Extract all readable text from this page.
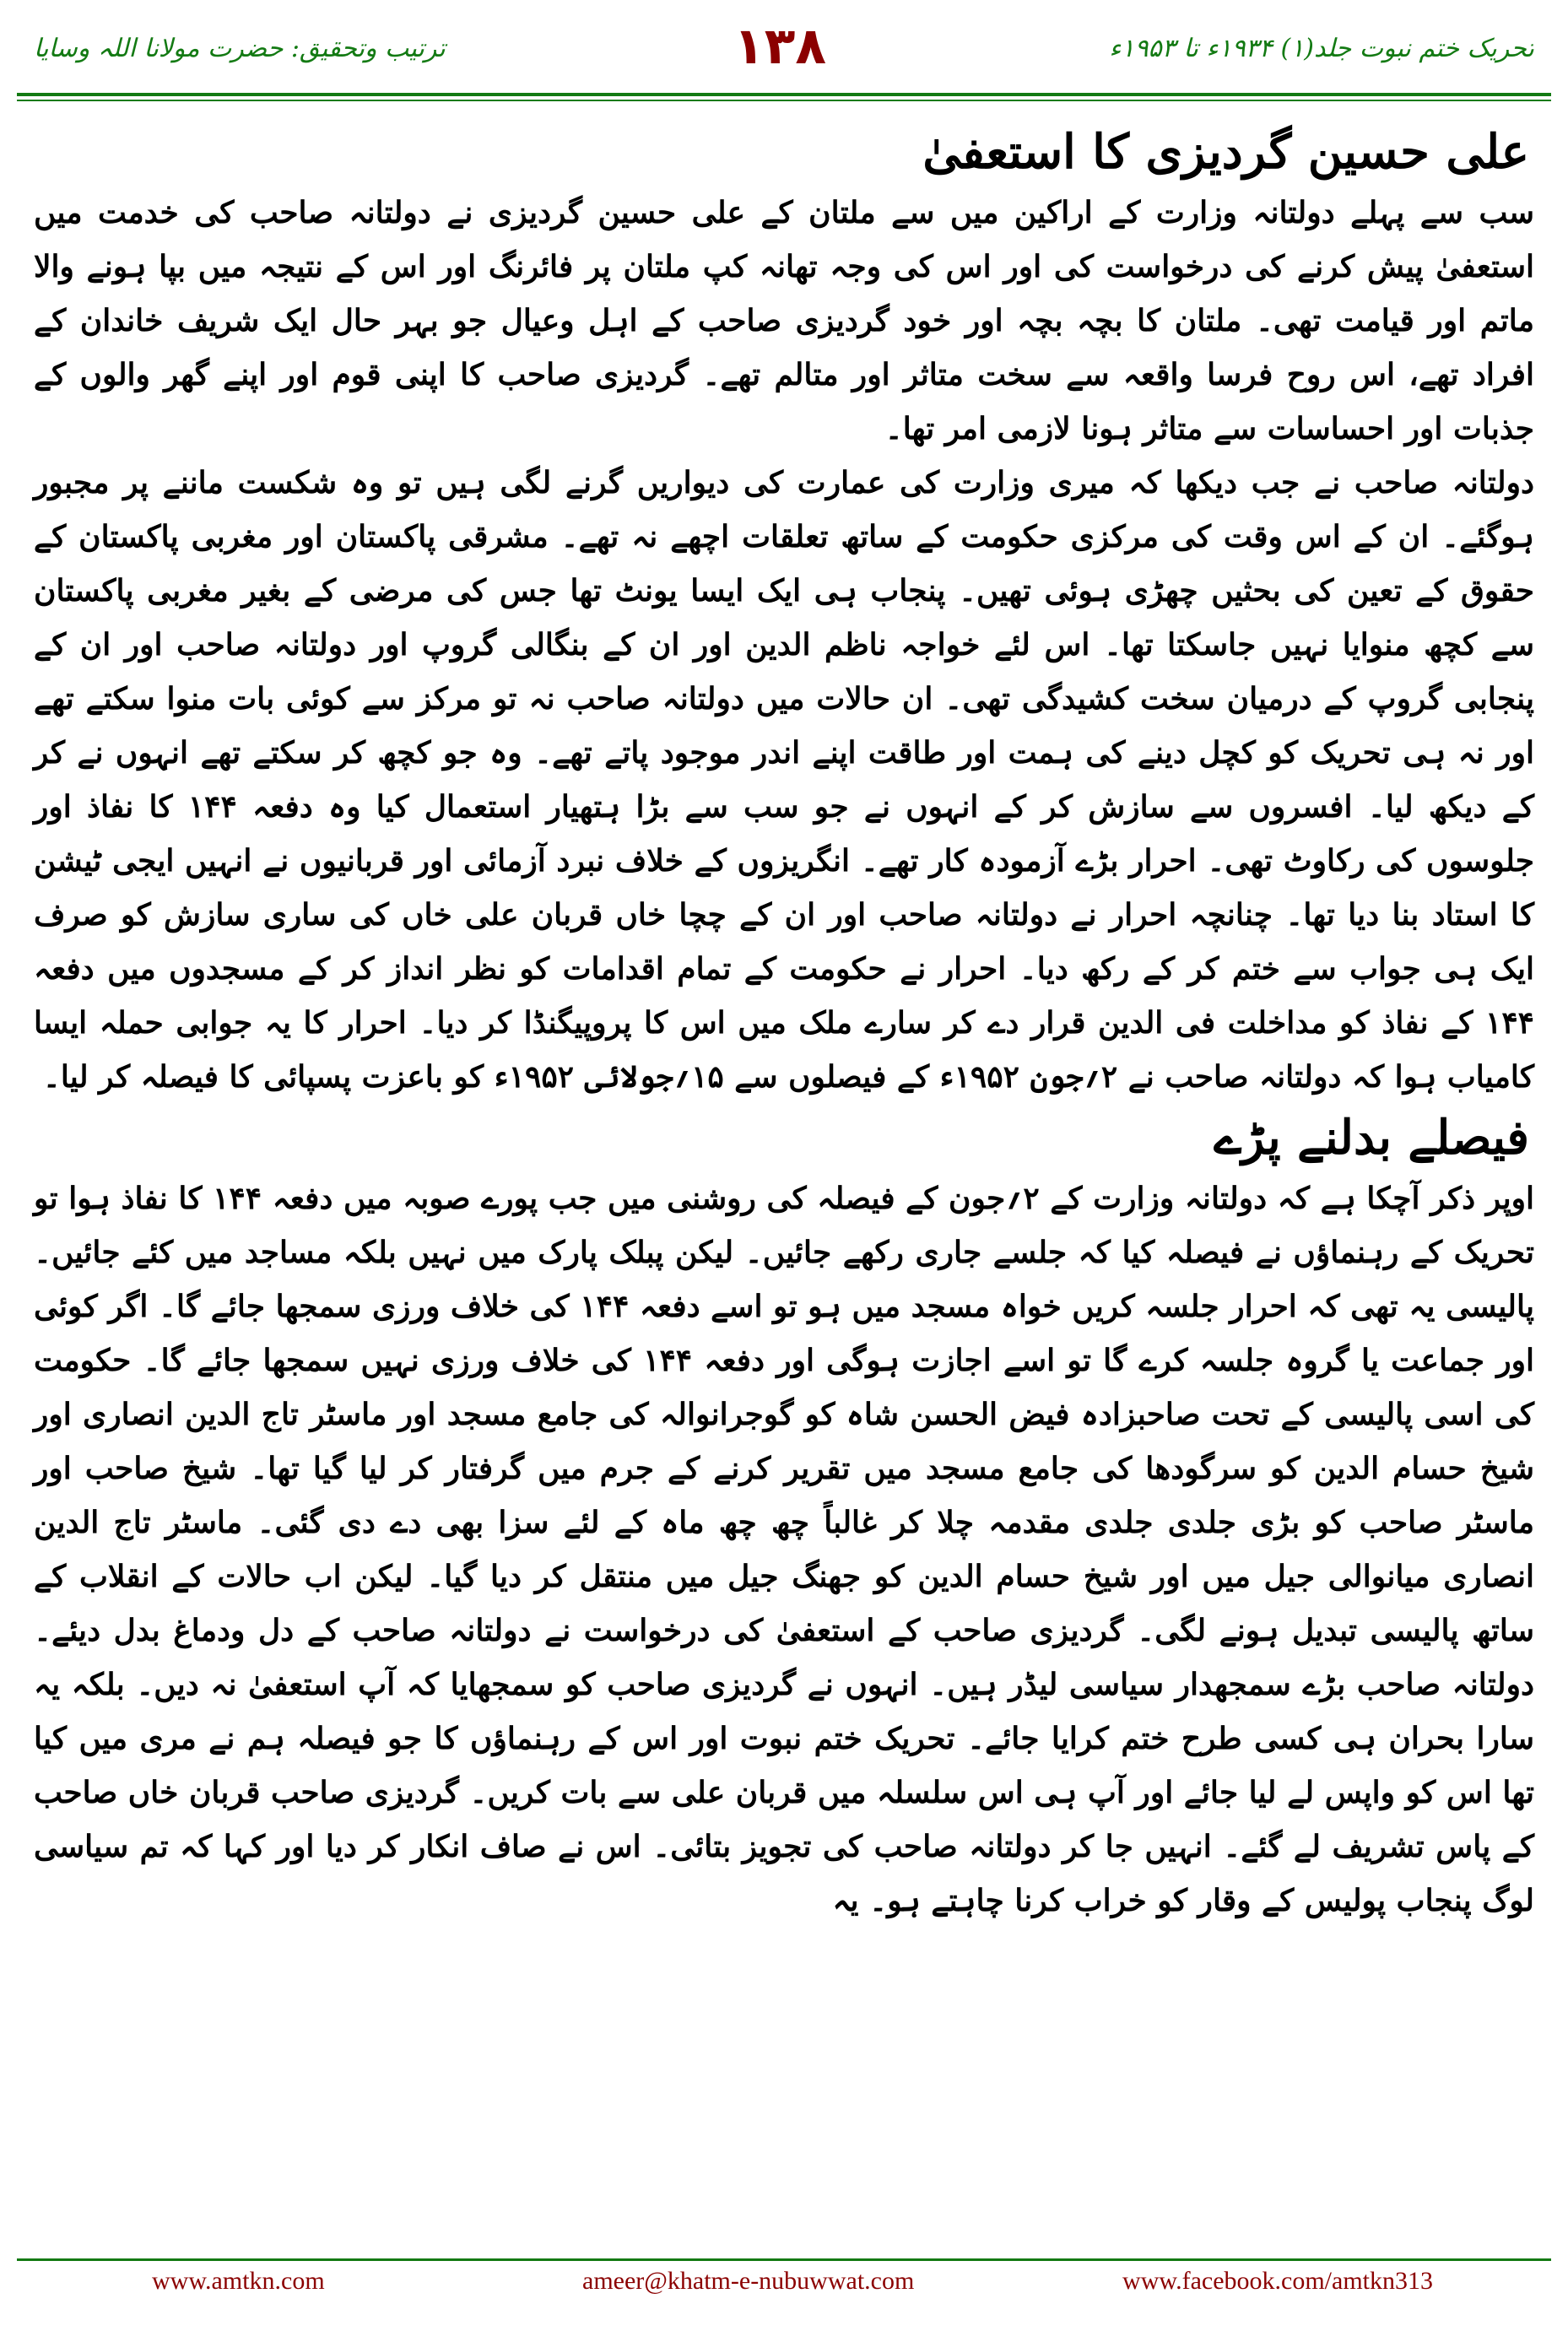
ترتیب وتحقیق: حضرت مولانا اللہ وسایا	۱۳۸	تحریک ختم نبوت جلد(۱) ۱۹۳۴ء تا ۱۹۵۳ء
علی حسین گردیزی کا استعفیٰ

سب سے پہلے دولتانہ وزارت کے اراکین میں سے ملتان کے علی حسین گردیزی نے دولتانہ صاحب کی خدمت میں استعفیٰ پیش کرنے کی درخواست کی اور اس کی وجہ تھانہ کپ ملتان پر فائرنگ اور اس کے نتیجہ میں بپا ہونے والا ماتم اور قیامت تھی۔ ملتان کا بچہ بچہ اور خود گردیزی صاحب کے اہل وعیال جو بہر حال ایک شریف خاندان کے افراد تھے، اس روح فرسا واقعہ سے سخت متاثر اور متالم تھے۔ گردیزی صاحب کا اپنی قوم اور اپنے گھر والوں کے جذبات اور احساسات سے متاثر ہونا لازمی امر تھا۔

دولتانہ صاحب نے جب دیکھا کہ میری وزارت کی عمارت کی دیواریں گرنے لگی ہیں تو وہ شکست ماننے پر مجبور ہوگئے۔ ان کے اس وقت کی مرکزی حکومت کے ساتھ تعلقات اچھے نہ تھے۔ مشرقی پاکستان اور مغربی پاکستان کے حقوق کے تعین کی بحثیں چھڑی ہوئی تھیں۔ پنجاب ہی ایک ایسا یونٹ تھا جس کی مرضی کے بغیر مغربی پاکستان سے کچھ منوایا نہیں جاسکتا تھا۔ اس لئے خواجہ ناظم الدین اور ان کے بنگالی گروپ اور دولتانہ صاحب اور ان کے پنجابی گروپ کے درمیان سخت کشیدگی تھی۔ ان حالات میں دولتانہ صاحب نہ تو مرکز سے کوئی بات منوا سکتے تھے اور نہ ہی تحریک کو کچل دینے کی ہمت اور طاقت اپنے اندر موجود پاتے تھے۔ وہ جو کچھ کر سکتے تھے انہوں نے کر کے دیکھ لیا۔ افسروں سے سازش کر کے انہوں نے جو سب سے بڑا ہتھیار استعمال کیا وہ دفعہ ۱۴۴ کا نفاذ اور جلوسوں کی رکاوٹ تھی۔ احرار بڑے آزمودہ کار تھے۔ انگریزوں کے خلاف نبرد آزمائی اور قربانیوں نے انہیں ایجی ٹیشن کا استاد بنا دیا تھا۔ چنانچہ احرار نے دولتانہ صاحب اور ان کے چچا خاں قربان علی خاں کی ساری سازش کو صرف ایک ہی جواب سے ختم کر کے رکھ دیا۔ احرار نے حکومت کے تمام اقدامات کو نظر انداز کر کے مسجدوں میں دفعہ ۱۴۴ کے نفاذ کو مداخلت فی الدین قرار دے کر سارے ملک میں اس کا پروپیگنڈا کر دیا۔ احرار کا یہ جوابی حملہ ایسا کامیاب ہوا کہ دولتانہ صاحب نے ۲؍جون ۱۹۵۲ء کے فیصلوں سے ۱۵؍جولائی ۱۹۵۲ء کو باعزت پسپائی کا فیصلہ کر لیا۔

فیصلے بدلنے پڑے

اوپر ذکر آچکا ہے کہ دولتانہ وزارت کے ۲؍جون کے فیصلہ کی روشنی میں جب پورے صوبہ میں دفعہ ۱۴۴ کا نفاذ ہوا تو تحریک کے رہنماؤں نے فیصلہ کیا کہ جلسے جاری رکھے جائیں۔ لیکن پبلک پارک میں نہیں بلکہ مساجد میں کئے جائیں۔ پالیسی یہ تھی کہ احرار جلسہ کریں خواہ مسجد میں ہو تو اسے دفعہ ۱۴۴ کی خلاف ورزی سمجھا جائے گا۔ اگر کوئی اور جماعت یا گروہ جلسہ کرے گا تو اسے اجازت ہوگی اور دفعہ ۱۴۴ کی خلاف ورزی نہیں سمجھا جائے گا۔ حکومت کی اسی پالیسی کے تحت صاحبزادہ فیض الحسن شاہ کو گوجرانوالہ کی جامع مسجد اور ماسٹر تاج الدین انصاری اور شیخ حسام الدین کو سرگودھا کی جامع مسجد میں تقریر کرنے کے جرم میں گرفتار کر لیا گیا تھا۔ شیخ صاحب اور ماسٹر صاحب کو بڑی جلدی جلدی مقدمہ چلا کر غالباً چھ چھ ماہ کے لئے سزا بھی دے دی گئی۔ ماسٹر تاج الدین انصاری میانوالی جیل میں اور شیخ حسام الدین کو جھنگ جیل میں منتقل کر دیا گیا۔ لیکن اب حالات کے انقلاب کے ساتھ پالیسی تبدیل ہونے لگی۔ گردیزی صاحب کے استعفیٰ کی درخواست نے دولتانہ صاحب کے دل ودماغ بدل دیئے۔ دولتانہ صاحب بڑے سمجھدار سیاسی لیڈر ہیں۔ انہوں نے گردیزی صاحب کو سمجھایا کہ آپ استعفیٰ نہ دیں۔ بلکہ یہ سارا بحران ہی کسی طرح ختم کرایا جائے۔ تحریک ختم نبوت اور اس کے رہنماؤں کا جو فیصلہ ہم نے مری میں کیا تھا اس کو واپس لے لیا جائے اور آپ ہی اس سلسلہ میں قربان علی سے بات کریں۔ گردیزی صاحب قربان خاں صاحب کے پاس تشریف لے گئے۔ انہیں جا کر دولتانہ صاحب کی تجویز بتائی۔ اس نے صاف انکار کر دیا اور کہا کہ تم سیاسی لوگ پنجاب پولیس کے وقار کو خراب کرنا چاہتے ہو۔ یہ

www.amtkn.com	ameer@khatm-e-nubuwwat.com	www.facebook.com/amtkn313
